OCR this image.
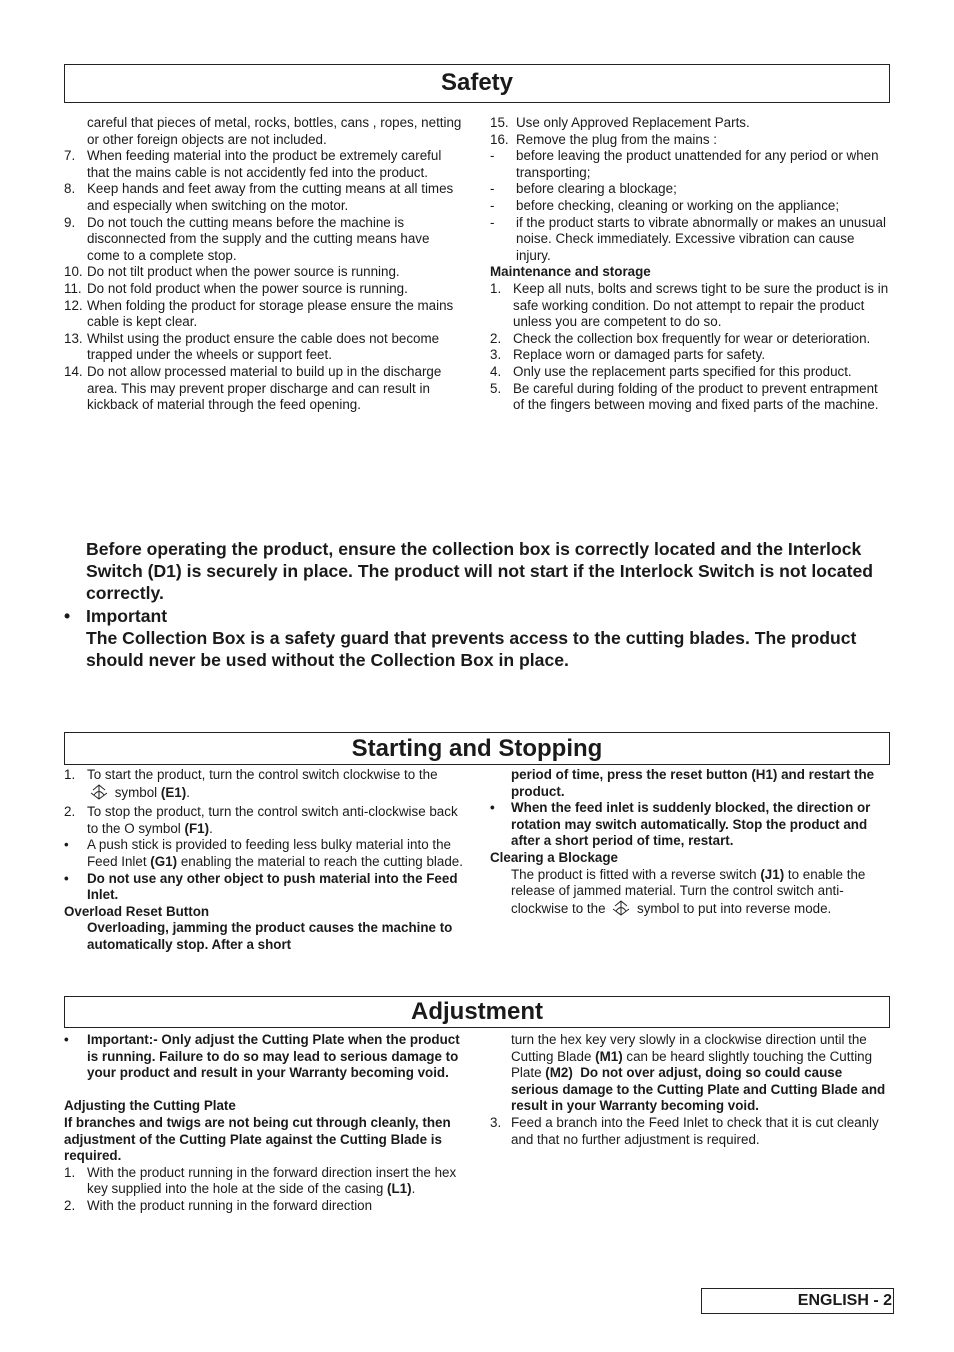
Safety

careful that pieces of metal, rocks, bottles, cans , ropes, netting or other foreign objects are not included.

7. When feeding material into the product be extremely careful that the mains cable is not accidently fed into the product.

8. Keep hands and feet away from the cutting means at all times and especially when switching on the motor.

9. Do not touch the cutting means before the machine is disconnected from the supply and the cutting means have come to a complete stop.

10. Do not tilt product when the power source is running.

11. Do not fold product when the power source is running.

12. When folding the product for storage please ensure the mains cable is kept clear.

13. Whilst using the product ensure the cable does not become trapped under the wheels or support feet.

14. Do not allow processed material to build up in the discharge area. This may prevent proper discharge and can result in kickback of material through the feed opening.

15. Use only Approved Replacement Parts.

16. Remove the plug from the mains :

- before leaving the product unattended for any period or when transporting;

- before clearing a blockage;

- before checking, cleaning or working on the appliance;

- if the product starts to vibrate abnormally or makes an unusual noise. Check immediately. Excessive vibration can cause injury.

Maintenance and storage

1. Keep all nuts, bolts and screws tight to be sure the product is in safe working condition. Do not attempt to repair the product unless you are competent to do so.

2. Check the collection box frequently for wear or deterioration.

3. Replace worn or damaged parts for safety.

4. Only use the replacement parts specified for this product.

5. Be careful during folding of the product to prevent entrapment of the fingers between moving and fixed parts of the machine.

Before operating the product, ensure the collection box is correctly located and the Interlock Switch (D1) is securely in place. The product will not start if the Interlock Switch is not located correctly.

• Important

The Collection Box is a safety guard that prevents access to the cutting blades. The product should never be used without the Collection Box in place.

Starting and Stopping

1. To start the product, turn the control switch clockwise to the  symbol (E1).

2. To stop the product, turn the control switch anti-clockwise back to the O symbol (F1).

• A push stick is provided to feeding less bulky material into the Feed Inlet (G1) enabling the material to reach the cutting blade.

• Do not use any other object to push material into the Feed Inlet.

Overload Reset Button

Overloading, jamming the product causes the machine to automatically stop. After a short

period of time, press the reset button (H1) and restart the product.

• When the feed inlet is suddenly blocked, the direction or rotation may switch automatically. Stop the product and after a short period of time, restart.

Clearing a Blockage

The product is fitted with a reverse switch (J1) to enable the release of jammed material. Turn the control switch anti-clockwise to the symbol to put into reverse mode.

Adjustment

• Important:- Only adjust the Cutting Plate when the product is running. Failure to do so may lead to serious damage to your product and result in your Warranty becoming void.

Adjusting the Cutting Plate

If branches and twigs are not being cut through cleanly, then adjustment of the Cutting Plate against the Cutting Blade is required.

1. With the product running in the forward direction insert the hex key supplied into the hole at the side of the casing (L1).

2. With the product running in the forward direction

turn the hex key very slowly in a clockwise direction until the Cutting Blade (M1) can be heard slightly touching the Cutting Plate (M2) Do not over adjust, doing so could cause serious damage to the Cutting Plate and Cutting Blade and result in your Warranty becoming void.

3. Feed a branch into the Feed Inlet to check that it is cut cleanly and that no further adjustment is required.

ENGLISH - 2
